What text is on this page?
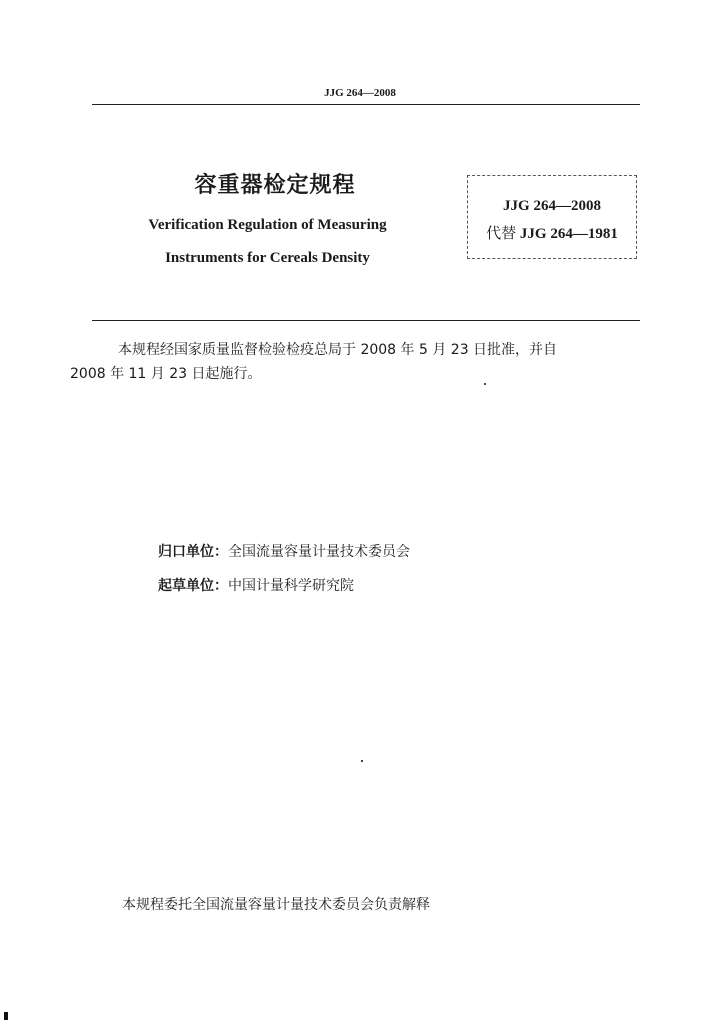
JJG 264—2008
容重器检定规程
Verification Regulation of Measuring
Instruments for Cereals Density
JJG 264—2008
代替 JJG 264—1981
本规程经国家质量监督检验检疫总局于 2008 年 5 月 23 日批准，并自
2008 年 11 月 23 日起施行。
归口单位：全国流量容量计量技术委员会
起草单位：中国计量科学研究院
本规程委托全国流量容量计量技术委员会负责解释
